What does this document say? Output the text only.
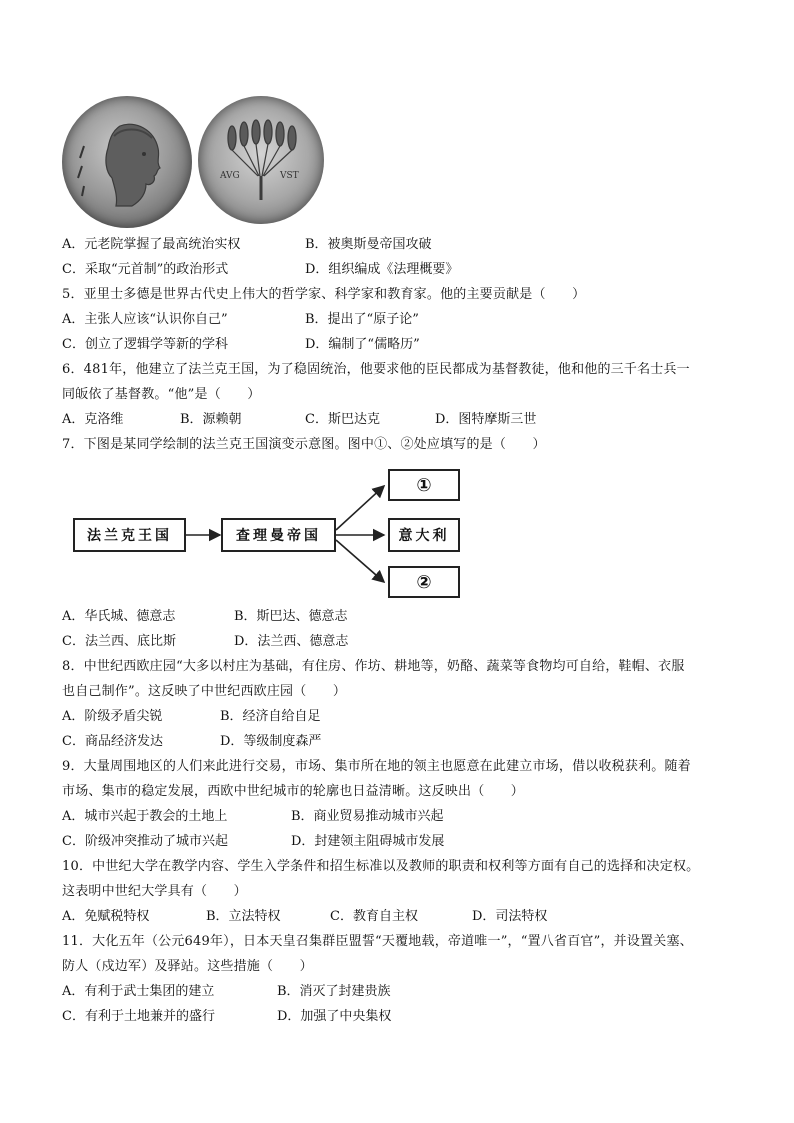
AVG	VST
A．元老院掌握了最高统治实权	B．被奥斯曼帝国攻破
C．采取“元首制”的政治形式	D．组织编成《法理概要》
5．亚里士多德是世界古代史上伟大的哲学家、科学家和教育家。他的主要贡献是（　　）
A．主张人应该“认识你自己”	B．提出了“原子论”
C．创立了逻辑学等新的学科	D．编制了“儒略历”
6．481年，他建立了法兰克王国，为了稳固统治，他要求他的臣民都成为基督教徒，他和他的三千名士兵一
同皈依了基督教。“他”是（　　）
A．克洛维	B．源赖朝	C．斯巴达克	D．图特摩斯三世
7．下图是某同学绘制的法兰克王国演变示意图。图中①、②处应填写的是（　　）
法兰克王国	查理曼帝国
①
意大利
②
A．华氏城、德意志	B．斯巴达、德意志
C．法兰西、底比斯	D．法兰西、德意志
8．中世纪西欧庄园“大多以村庄为基础，有住房、作坊、耕地等，奶酪、蔬菜等食物均可自给，鞋帽、衣服
也自己制作”。这反映了中世纪西欧庄园（　　）
A．阶级矛盾尖锐	B．经济自给自足
C．商品经济发达	D．等级制度森严
9．大量周围地区的人们来此进行交易，市场、集市所在地的领主也愿意在此建立市场，借以收税获利。随着
市场、集市的稳定发展，西欧中世纪城市的轮廓也日益清晰。这反映出（　　）
A．城市兴起于教会的土地上	B．商业贸易推动城市兴起
C．阶级冲突推动了城市兴起	D．封建领主阻碍城市发展
10．中世纪大学在教学内容、学生入学条件和招生标准以及教师的职责和权利等方面有自己的选择和决定权。
这表明中世纪大学具有（　　）
A．免赋税特权	B．立法特权	C．教育自主权	D．司法特权
11．大化五年（公元649年），日本天皇召集群臣盟誓“天覆地载，帝道唯一”，“置八省百官”，并设置关塞、
防人（戍边军）及驿站。这些措施（　　）
A．有利于武士集团的建立	B．消灭了封建贵族
C．有利于土地兼并的盛行	D．加强了中央集权
